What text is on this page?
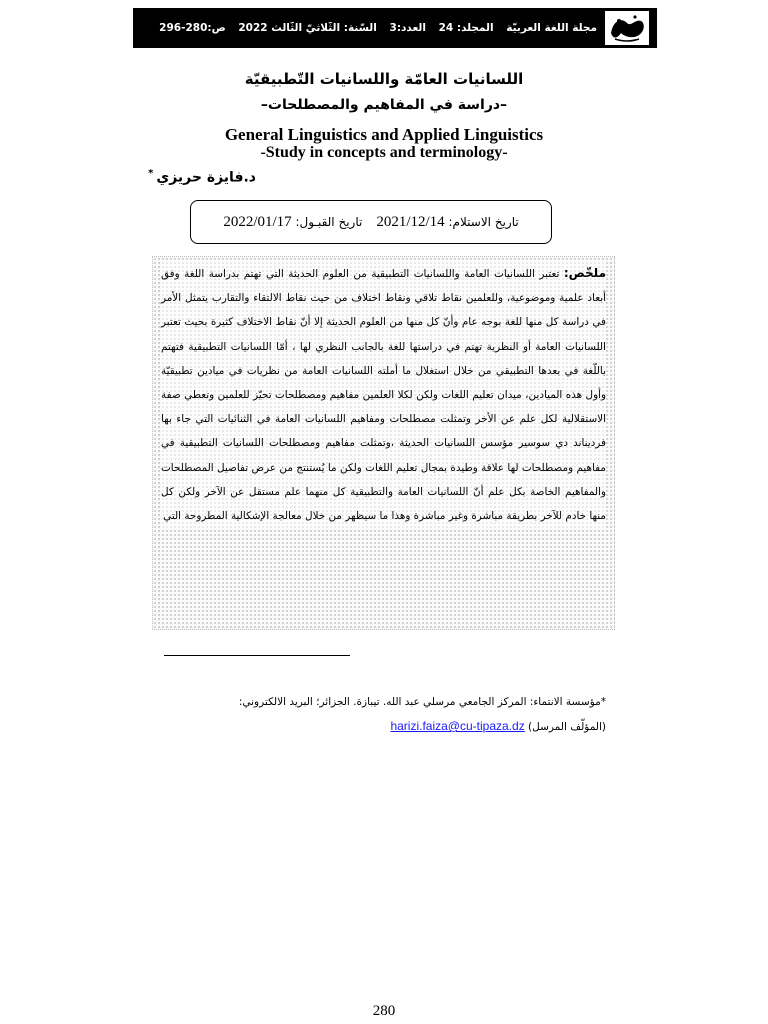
مجلّة اللّغة العربيّة المجلّد: 24 العدد:3 السّنة: الثّلاثيّ الثّالث 2022 ص:280-296
اللسانيات العامّة واللسانيات التّطبيقيّة
–دراسة في المفاهيم والمصطلحات–
General Linguistics and Applied Linguistics
-Study in concepts and terminology-
د.فايزة حريزي*
تاريخ الاستلام: 2021/12/14
تاريخ القبـول: 2022/01/17

ملخّص: تعتبر اللسانيات العامة واللسانيات التطبيقية من العلوم الحديثة التي تهتم بدراسة اللغة وفق أبعاد علمية وموضوعية، وللعلمين نقاط تلاقي ونقاط اختلاف من حيث نقاط الالتقاء والتقارب يتمثل الأمر في دراسة كل منها للغة بوجه عام وأنّ كل منها من العلوم الحديثة إلا أنّ نقاط الاختلاف كثيرة بحيث تعتبر اللسانيات العامة أو النظرية تهتم في دراستها للغة بالجانب النظري لها ، أمّا اللسانيات التطبيقية فتهتم باللّغة في بعدها التطبيقي من خلال استغلال ما أملته اللسانيات العامة من نظريات في ميادين تطبيقيّة وأول هذه الميادين، ميدان تعليم اللغات ولكن لكلا العلمين مفاهيم ومصطلحات تحيّز للعلمين وتعطي صفة الاستقلالية لكل علم عن الأخر وتمثلت مصطلحات ومفاهيم اللسانيات العامة في الثنائيات التي جاء بها فردیناند دي سوسير مؤسس اللسانيات الحديثة ،وتمثلت مفاهيم ومصطلحات اللسانيات التطبيقية في مفاهيم ومصطلحات لها علاقة وطيدة بمجال تعليم اللغات ولكن ما يُستنتج من عرض تفاصيل المصطلحات والمفاهيم الخاصة بكل علم أنّ اللسانيات العامة والتطبيقية كل منهما علم مستقل عن الآخر ولكن كل منها خادم للآخر بطريقة مباشرة وغير مباشرة وهذا ما سيظهر من خلال معالجة الإشكالية المطروحة التي

*مؤسسة الانتماء: المركز الجامعي مرسلي عبد الله. تيبازة. الجزائر؛ البريد الالكتروني:
(المؤلّف المرسل) harizi.faiza@cu-tipaza.dz
280
